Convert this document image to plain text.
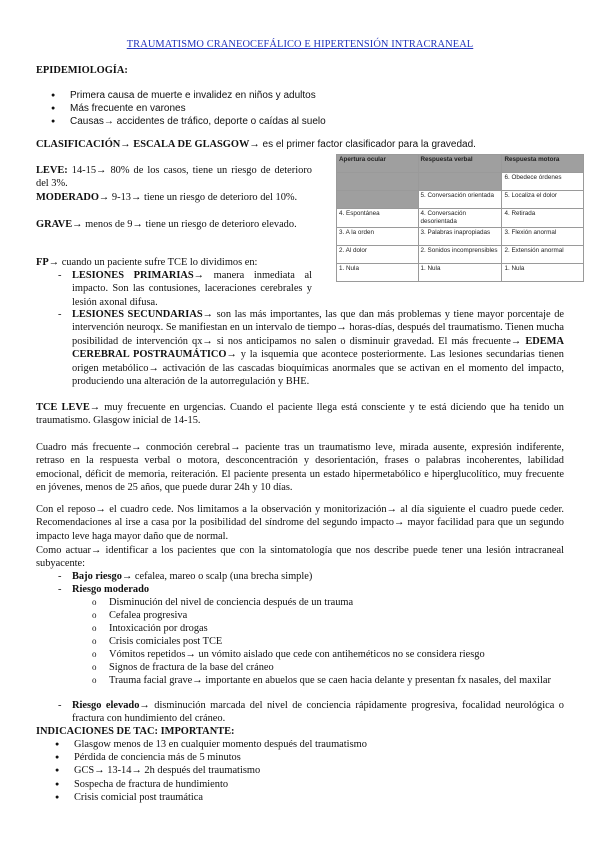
TRAUMATISMO CRANEOCEFÁLICO E HIPERTENSIÓN INTRACRANEAL
EPIDEMIOLOGÍA:
● Primera causa de muerte e invalidez en niños y adultos
● Más frecuente en varones
● Causas→ accidentes de tráfico, deporte o caídas al suelo
CLASIFICACIÓN→ ESCALA DE GLASGOW→ es el primer factor clasificador para la gravedad.
LEVE: 14-15→ 80% de los casos, tiene un riesgo de deterioro del 3%.
MODERADO→ 9-13→ tiene un riesgo de deterioro del 10%.
GRAVE→ menos de 9→ tiene un riesgo de deterioro elevado.
Apertura ocular	Respuesta verbal	Respuesta motora
		6. Obedece órdenes
	5. Conversación orientada	5. Localiza el dolor
4. Espontánea	4. Conversación desorientada	4. Retirada
3. A la orden	3. Palabras inapropiadas	3. Flexión anormal
2. Al dolor	2. Sonidos incomprensibles	2. Extensión anormal
1. Nula	1. Nula	1. Nula
FP→ cuando un paciente sufre TCE lo dividimos en:
- LESIONES PRIMARIAS→ manera inmediata al impacto. Son las contusiones, laceraciones cerebrales y lesión axonal difusa.
- LESIONES SECUNDARIAS→ son las más importantes, las que dan más problemas y tiene mayor porcentaje de intervención neuroqx. Se manifiestan en un intervalo de tiempo→ horas-días, después del traumatismo. Tienen mucha posibilidad de intervención qx→ si nos anticipamos no salen o disminuir gravedad. El más frecuente→ EDEMA CEREBRAL POSTRAUMÁTICO→ y la isquemia que acontece posteriormente. Las lesiones secundarias tienen origen metabólico→ activación de las cascadas bioquímicas anormales que se activan en el momento del impacto, produciendo una alteración de la autorregulación y BHE.
TCE LEVE→ muy frecuente en urgencias. Cuando el paciente llega está consciente y te está diciendo que ha tenido un traumatismo. Glasgow inicial de 14-15.
Cuadro más frecuente→ conmoción cerebral→ paciente tras un traumatismo leve, mirada ausente, expresión indiferente, retraso en la respuesta verbal o motora, desconcentración y desorientación, frases o palabras incoherentes, labilidad emocional, déficit de memoria, reiteración. El paciente presenta un estado hipermetabólico e hiperglucolítico, muy frecuente en jóvenes, menos de 25 años, que puede durar 24h y 10 días.
Con el reposo→ el cuadro cede. Nos limitamos a la observación y monitorización→ al día siguiente el cuadro puede ceder. Recomendaciones al irse a casa por la posibilidad del síndrome del segundo impacto→ mayor facilidad para que un segundo impacto leve haga mayor daño que de normal.
Como actuar→ identificar a los pacientes que con la sintomatología que nos describe puede tener una lesión intracraneal subyacente:
- Bajo riesgo→ cefalea, mareo o scalp (una brecha simple)
- Riesgo moderado
o Disminución del nivel de conciencia después de un trauma
o Cefalea progresiva
o Intoxicación por drogas
o Crisis comiciales post TCE
o Vómitos repetidos→ un vómito aislado que cede con antiheméticos no se considera riesgo
o Signos de fractura de la base del cráneo
o Trauma facial grave→ importante en abuelos que se caen hacia delante y presentan fx nasales, del maxilar
- Riesgo elevado→ disminución marcada del nivel de conciencia rápidamente progresiva, focalidad neurológica o fractura con hundimiento del cráneo.
INDICACIONES DE TAC: IMPORTANTE:
● Glasgow menos de 13 en cualquier momento después del traumatismo
● Pérdida de conciencia más de 5 minutos
● GCS→ 13-14→ 2h después del traumatismo
● Sospecha de fractura de hundimiento
● Crisis comicial post traumática
